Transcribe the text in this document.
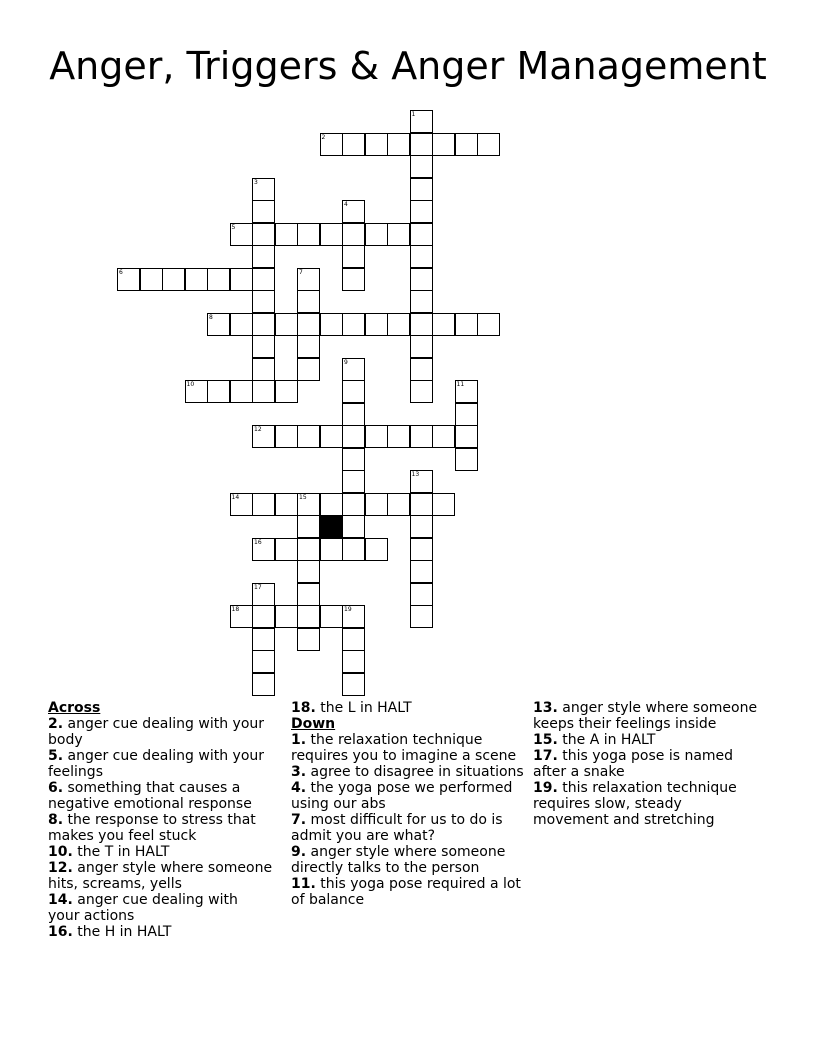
Anger, Triggers & Anger Management
2
5
6
8
10
12
14	15
16
18	19
1
3
4
7
9
11
13
17
Across
2. anger cue dealing with your body
5. anger cue dealing with your feelings
6. something that causes a negative emotional response
8. the response to stress that makes you feel stuck
10. the T in HALT
12. anger style where someone hits, screams, yells
14. anger cue dealing with your actions
16. the H in HALT
18. the L in HALT
Down
1. the relaxation technique requires you to imagine a scene
3. agree to disagree in situations
4. the yoga pose we performed using our abs
7. most difficult for us to do is admit you are what?
9. anger style where someone directly talks to the person
11. this yoga pose required a lot of balance
13. anger style where someone keeps their feelings inside
15. the A in HALT
17. this yoga pose is named after a snake
19. this relaxation technique requires slow, steady movement and stretching
